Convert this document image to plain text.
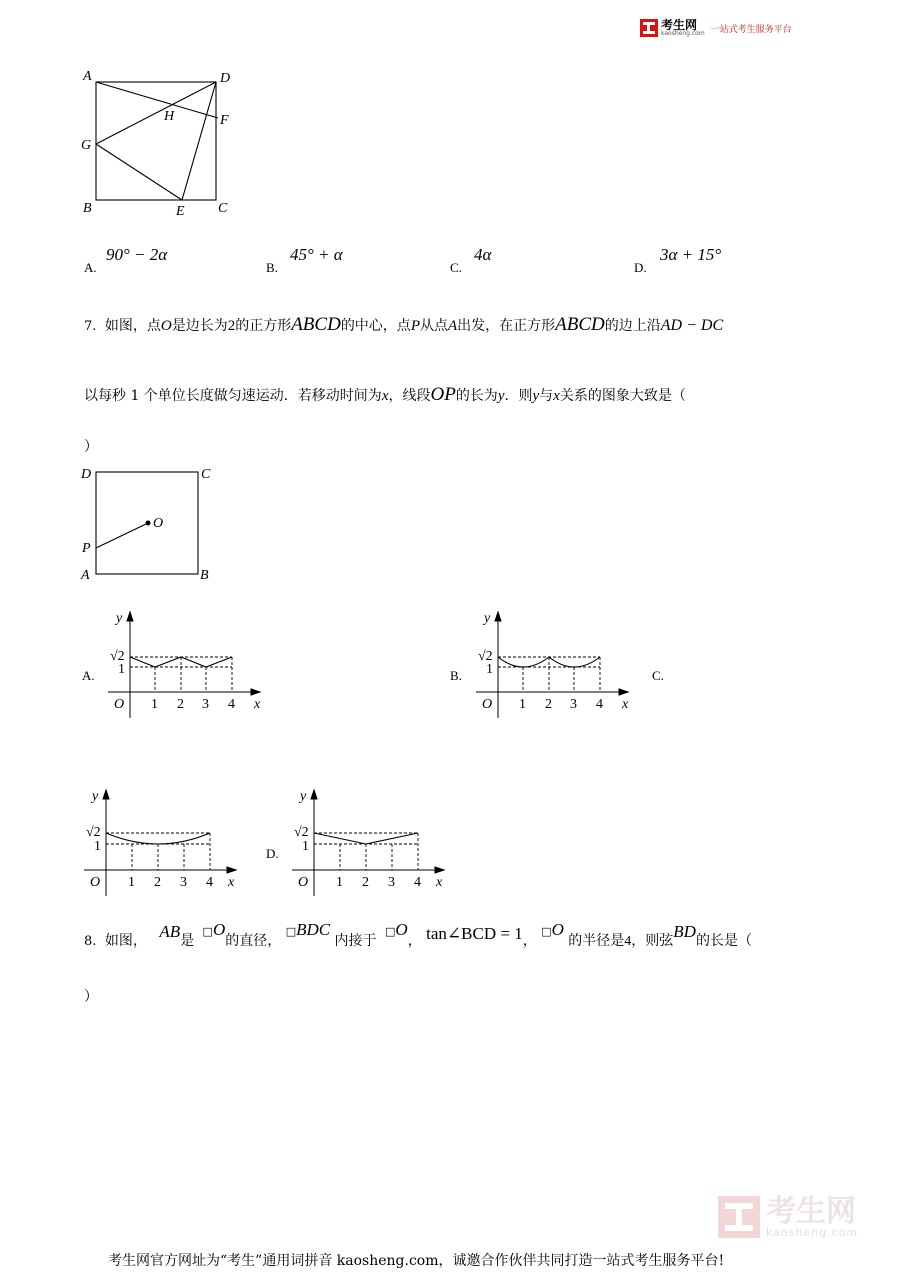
考生网
kaosheng.com 一站式考生服务平台
A	D
H	F
G
B	E C
A.
90° − 2α
B.
45° + α
C.
4α
D.
3α + 15°
7. 如图，点O是边长为2的正方形ABCD的中心，点P从点A出发，在正方形ABCD的边上沿AD − DC
以每秒 1 个单位长度做匀速运动．若移动时间为x，线段OP的长为y．则y与x关系的图象大致是（
）
D	C
O
P
A	B
A.	B.	C.
D.
y
x
O
√2
1
1 2 3 4
y
x
O
√2
1
1 2 3 4
y
x
O
√2
1
1 2 3 4
y
x
O
√2
1
1 2 3 4
8. 如图， AB是 □O的直径， □BDC 内接于 □O， tan∠BCD = 1， □O 的半径是4，则弦BD的长是（
）
考生网
kaosheng.com
考生网官方网址为“考生”通用词拼音 kaosheng.com，诚邀合作伙伴共同打造一站式考生服务平台!
